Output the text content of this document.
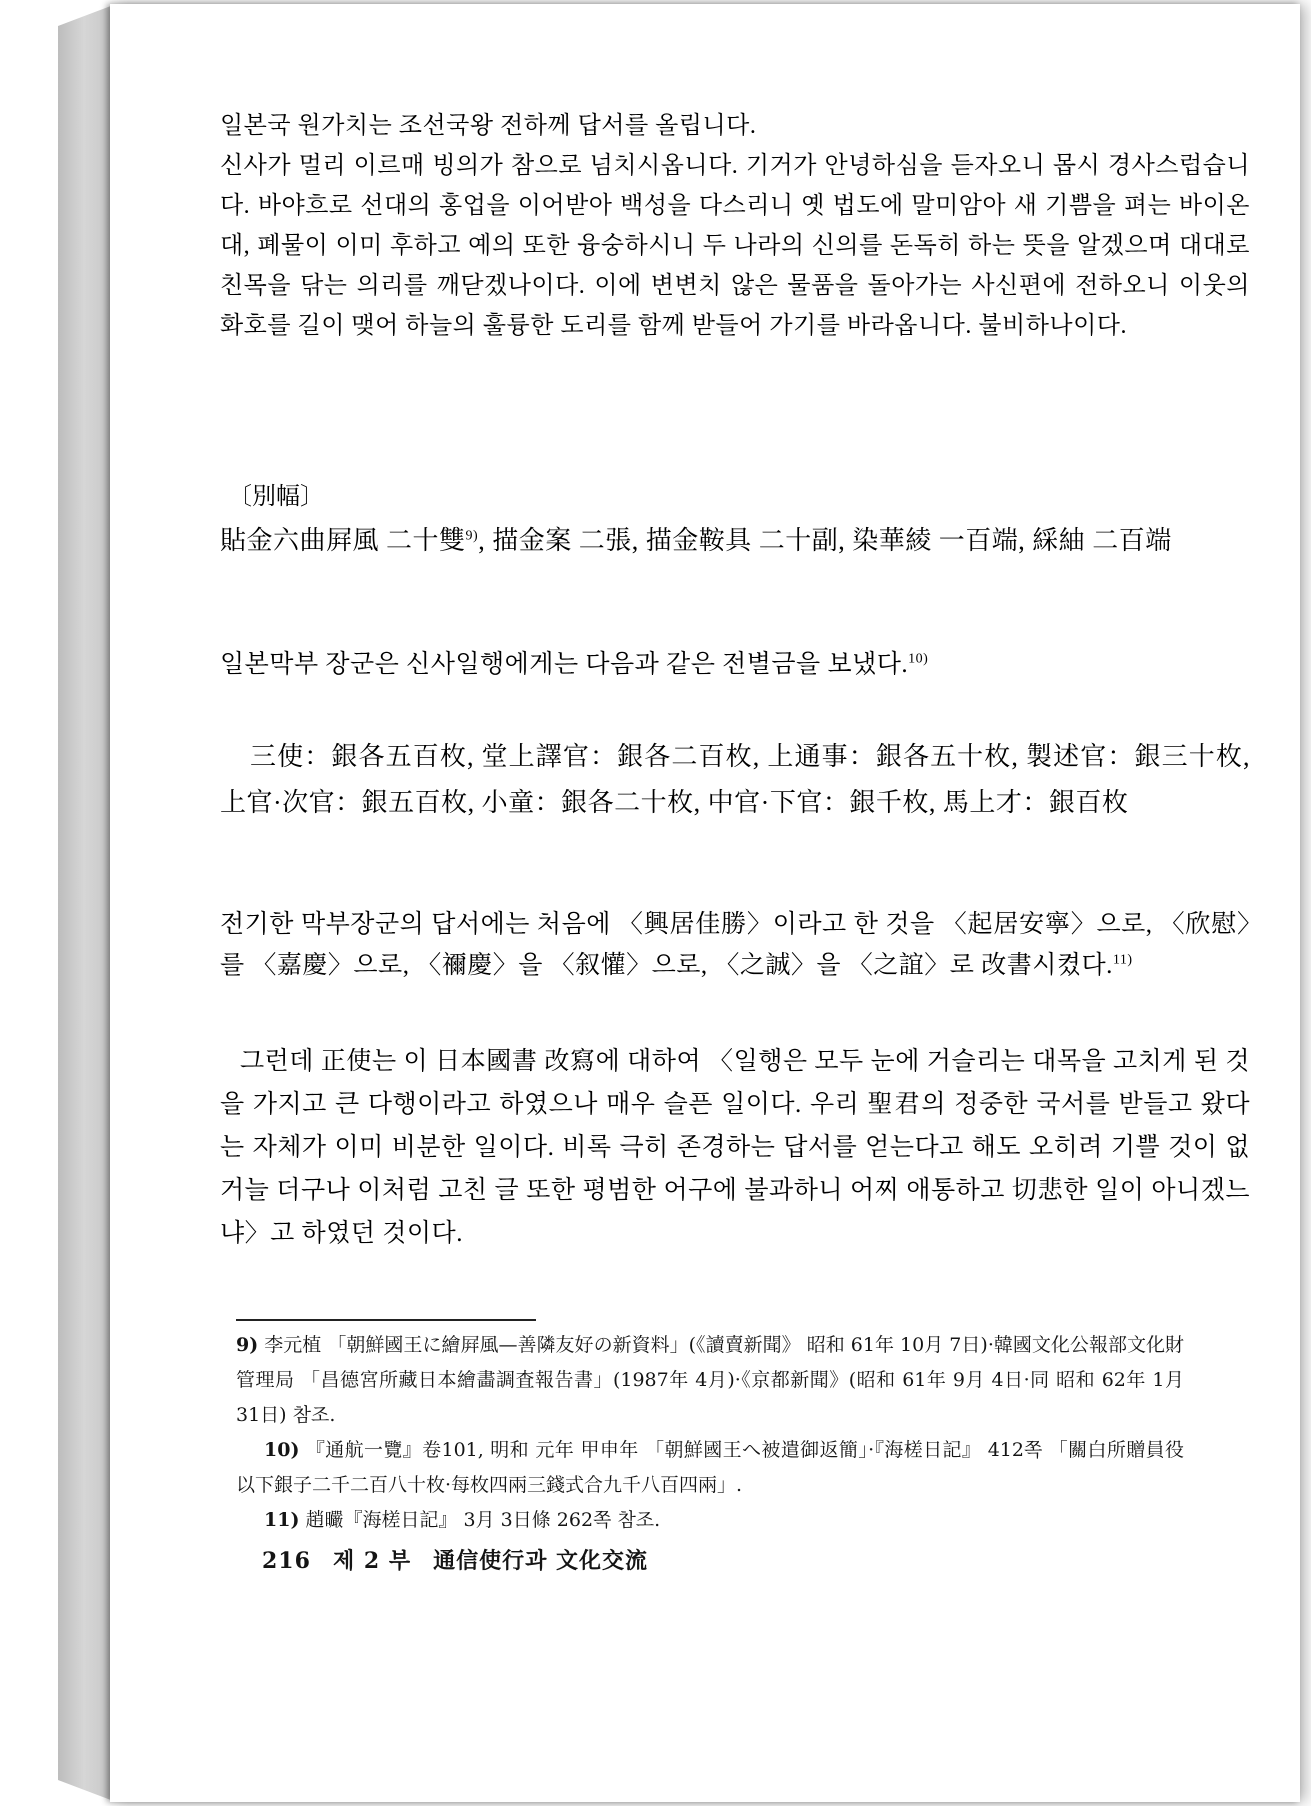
일본국 원가치는 조선국왕 전하께 답서를 올립니다.
신사가 멀리 이르매 빙의가 참으로 넘치시옵니다. 기거가 안녕하심을 듣자오니 몹시 경사스럽습니다. 바야흐로 선대의 홍업을 이어받아 백성을 다스리니 옛 법도에 말미암아 새 기쁨을 펴는 바이온대, 폐물이 이미 후하고 예의 또한 융숭하시니 두 나라의 신의를 돈독히 하는 뜻을 알겠으며 대대로 친목을 닦는 의리를 깨닫겠나이다. 이에 변변치 않은 물품을 돌아가는 사신편에 전하오니 이웃의 화호를 길이 맺어 하늘의 훌륭한 도리를 함께 받들어 가기를 바라옵니다. 불비하나이다.

〔別幅〕

貼金六曲屛風 二十雙$^{9)}$, 描金案 二張, 描金鞍具 二十副, 染華綾 一百端, 綵紬 二百端

일본막부 장군은 신사일행에게는 다음과 같은 전별금을 보냈다.$^{10)}$

三使：銀各五百枚, 堂上譯官：銀各二百枚, 上通事：銀各五十枚, 製述官：銀三十枚, 上官·次官：銀五百枚, 小童：銀各二十枚, 中官·下官：銀千枚, 馬上才：銀百枚

전기한 막부장군의 답서에는 처음에 〈興居佳勝〉이라고 한 것을 〈起居安寧〉으로, 〈欣慰〉를 〈嘉慶〉으로, 〈禰慶〉을 〈叙懽〉으로, 〈之誠〉을 〈之誼〉로 改書시켰다.$^{11)}$

그런데 正使는 이 日本國書 改寫에 대하여 〈일행은 모두 눈에 거슬리는 대목을 고치게 된 것을 가지고 큰 다행이라고 하였으나 매우 슬픈 일이다. 우리 聖君의 정중한 국서를 받들고 왔다는 자체가 이미 비분한 일이다. 비록 극히 존경하는 답서를 얻는다고 해도 오히려 기쁠 것이 없거늘 더구나 이처럼 고친 글 또한 평범한 어구에 불과하니 어찌 애통하고 切悲한 일이 아니겠느냐〉고 하였던 것이다.

9) 李元植 「朝鮮國王に繪屛風—善隣友好の新資料」(《讀賣新聞》 昭和 61年 10月 7日)·韓國文化公報部文化財管理局 「昌德宮所藏日本繪畵調査報告書」(1987年 4月)·《京都新聞》(昭和 61年 9月 4日·同 昭和 62年 1月 31日) 참조.

10) 『通航一覽』卷101, 明和 元年 甲申年 「朝鮮國王へ被遣御返簡」·『海槎日記』 412쪽 「關白所贈員役以下銀子二千二百八十枚·每枚四兩三錢式合九千八百四兩」.

11) 趙曮『海槎日記』 3月 3日條 262쪽 참조.

216 제 2 부 通信使行과 文化交流
